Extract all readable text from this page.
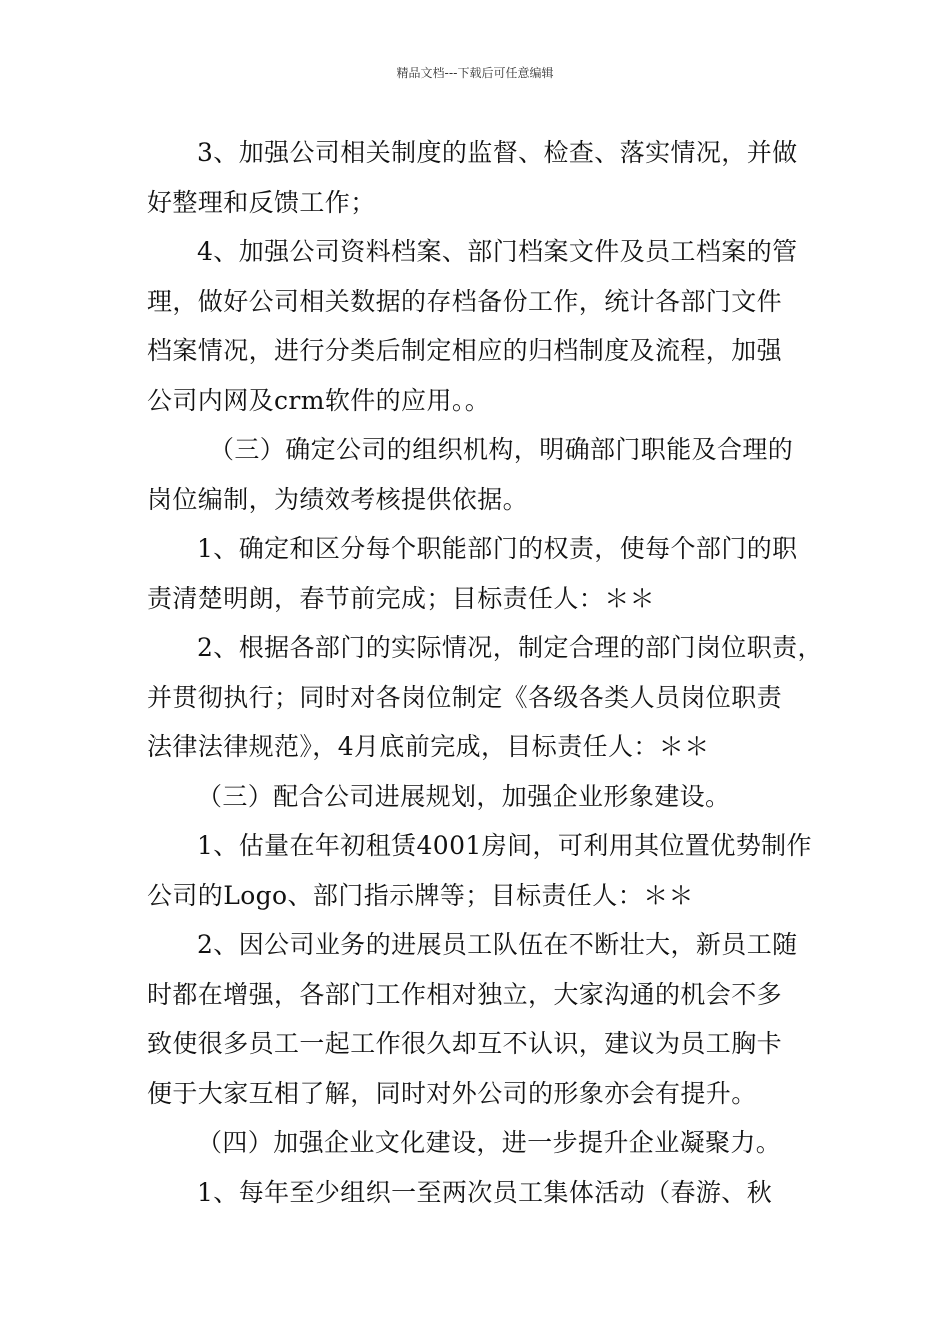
精品文档---下载后可任意编辑
3、加强公司相关制度的监督、检查、落实情况，并做
好整理和反馈工作；
4、加强公司资料档案、部门档案文件及员工档案的管
理，做好公司相关数据的存档备份工作，统计各部门文件
档案情况，进行分类后制定相应的归档制度及流程，加强
公司内网及crm软件的应用。。
（三）确定公司的组织机构，明确部门职能及合理的
岗位编制，为绩效考核提供依据。
1、确定和区分每个职能部门的权责，使每个部门的职
责清楚明朗，春节前完成；目标责任人：＊＊
2、根据各部门的实际情况，制定合理的部门岗位职责，
并贯彻执行；同时对各岗位制定《各级各类人员岗位职责
法律法律规范》，4月底前完成，目标责任人：＊＊
（三）配合公司进展规划，加强企业形象建设。
1、估量在年初租赁4001房间，可利用其位置优势制作
公司的Logo、部门指示牌等；目标责任人：＊＊
2、因公司业务的进展员工队伍在不断壮大，新员工随
时都在增强，各部门工作相对独立，大家沟通的机会不多
致使很多员工一起工作很久却互不认识，建议为员工胸卡
便于大家互相了解，同时对外公司的形象亦会有提升。
（四）加强企业文化建设，进一步提升企业凝聚力。
1、每年至少组织一至两次员工集体活动（春游、秋
